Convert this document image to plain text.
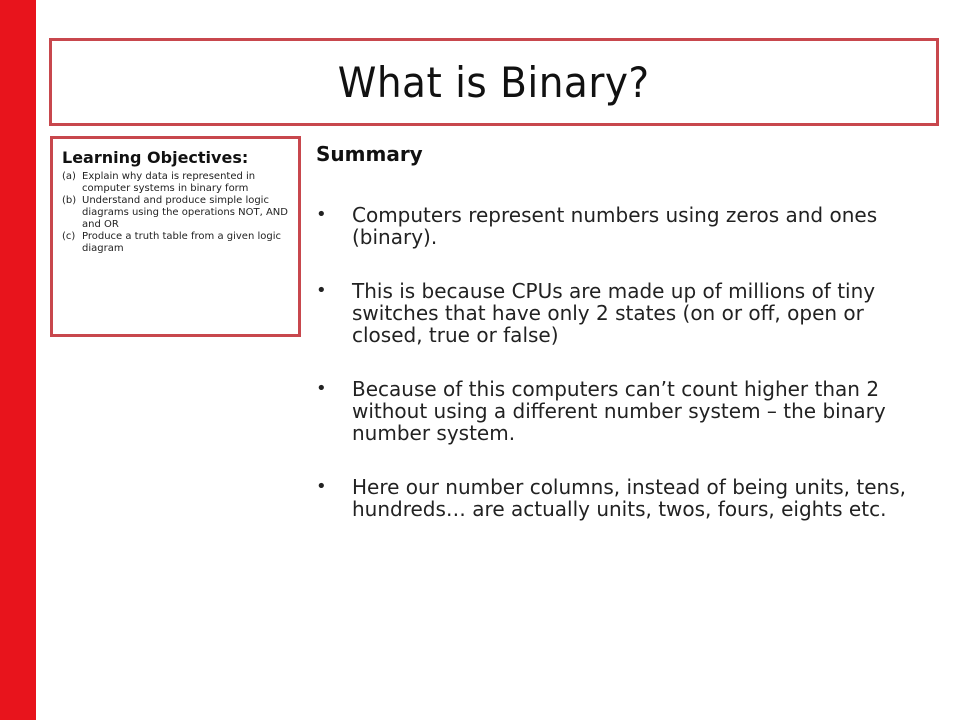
What is Binary?
Learning Objectives:
(a) Explain why data is represented in computer systems in binary form
(b) Understand and produce simple logic diagrams using the operations NOT, AND and OR
(c) Produce a truth table from a given logic diagram
Summary
•	Computers represent numbers using zeros and ones (binary).
•	This is because CPUs are made up of millions of tiny switches that have only 2 states (on or off, open or closed, true or false)
•	Because of this computers can’t count higher than 2 without using a different number system – the binary number system.
•	Here our number columns, instead of being units, tens, hundreds… are actually units, twos, fours, eights etc.
